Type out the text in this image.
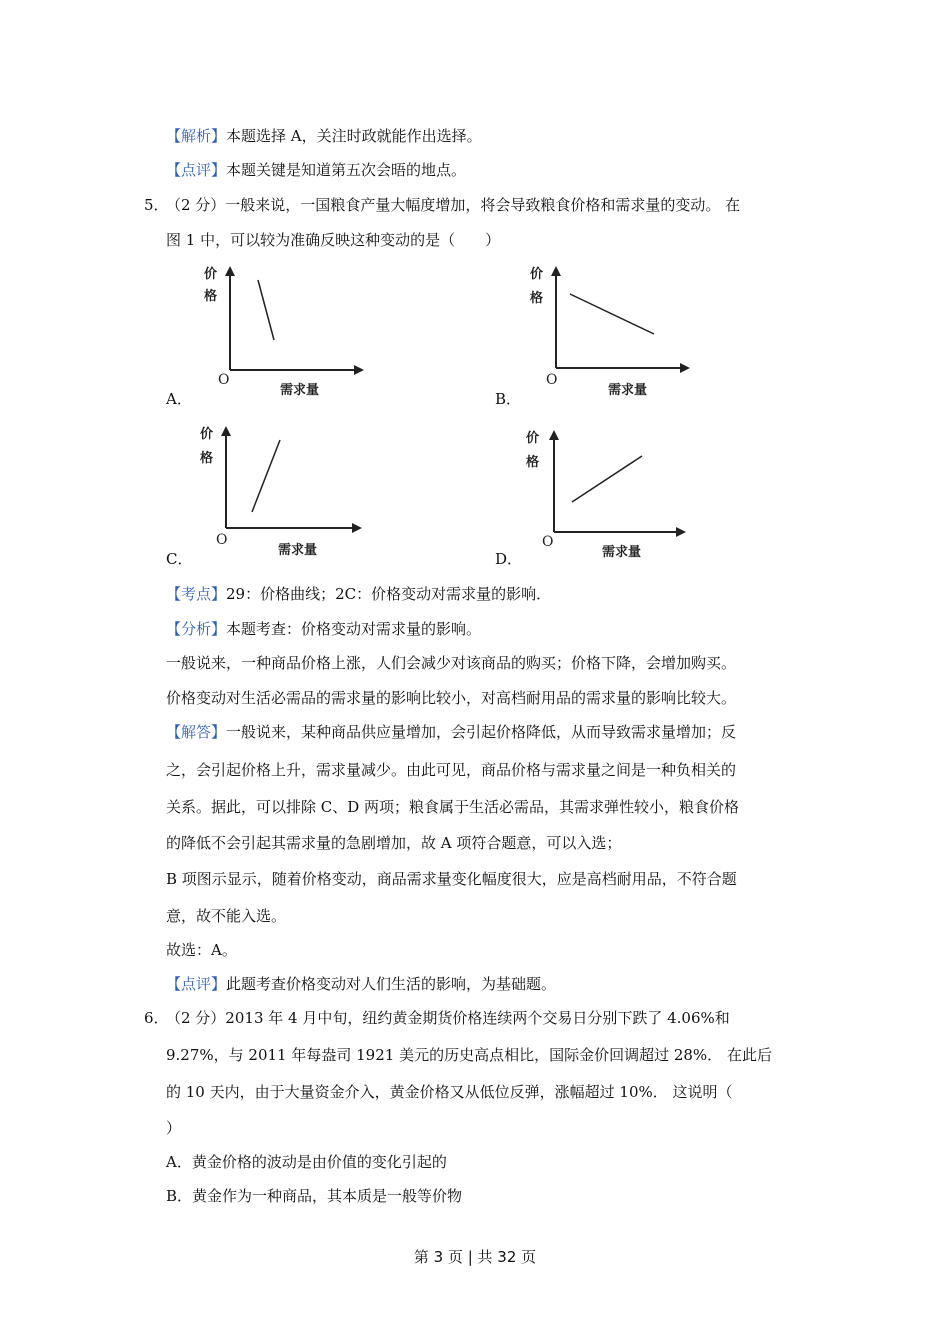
【解析】本题选择 A，关注时政就能作出选择。
【点评】本题关键是知道第五次会晤的地点。
5．
（2 分）一般来说，一国粮食产量大幅度增加，将会导致粮食价格和需求量的变动。 在
图 1 中，可以较为准确反映这种变动的是（　　）
价
格
O
需求量
A．
价
格
O
需求量
B．
价
格
O
需求量
C．
价
格
O
需求量
D．
【考点】29：价格曲线；2C：价格变动对需求量的影响．
【分析】本题考查：价格变动对需求量的影响。
一般说来，一种商品价格上涨，人们会减少对该商品的购买；价格下降，会增加购买。
价格变动对生活必需品的需求量的影响比较小，对高档耐用品的需求量的影响比较大。
【解答】一般说来，某种商品供应量增加，会引起价格降低，从而导致需求量增加；反
之，会引起价格上升，需求量减少。由此可见，商品价格与需求量之间是一种负相关的
关系。据此，可以排除 C、D 两项；粮食属于生活必需品，其需求弹性较小，粮食价格
的降低不会引起其需求量的急剧增加，故 A 项符合题意，可以入选；
B 项图示显示，随着价格变动，商品需求量变化幅度很大，应是高档耐用品，不符合题
意，故不能入选。
故选：A。
【点评】此题考查价格变动对人们生活的影响，为基础题。
6．
（2 分）2013 年 4 月中旬，纽约黄金期货价格连续两个交易日分别下跌了 4.06%和
9.27%，与 2011 年每盎司 1921 美元的历史高点相比，国际金价回调超过 28%． 在此后
的 10 天内，由于大量资金介入，黄金价格又从低位反弹，涨幅超过 10%． 这说明（
）
A．黄金价格的波动是由价值的变化引起的
B．黄金作为一种商品，其本质是一般等价物
第 3 页 | 共 32 页
